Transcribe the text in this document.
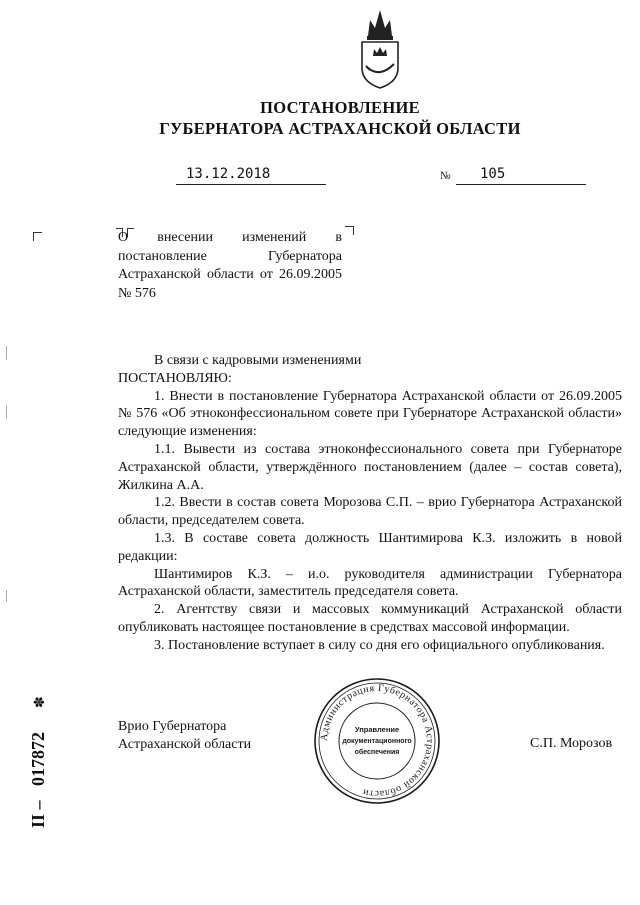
ПОСТАНОВЛЕНИЕ
ГУБЕРНАТОРА АСТРАХАНСКОЙ ОБЛАСТИ
13.12.2018	№ 105
О внесении изменений в постановление Губернатора Астраханской области от 26.09.2005 № 576

В связи с кадровыми изменениями

ПОСТАНОВЛЯЮ:

1. Внести в постановление Губернатора Астраханской области от 26.09.2005 № 576 «Об этноконфессиональном совете при Губернаторе Астраханской области» следующие изменения:

1.1. Вывести из состава этноконфессионального совета при Губернаторе Астраханской области, утверждённого постановлением (далее – состав совета), Жилкина А.А.

1.2. Ввести в состав совета Морозова С.П. – врио Губернатора Астраханской области, председателем совета.

1.3. В составе совета должность Шантимирова К.З. изложить в новой редакции:

Шантимиров К.З. – и.о. руководителя администрации Губернатора Астраханской области, заместитель председателя совета.

2. Агентству связи и массовых коммуникаций Астраханской области опубликовать настоящее постановление в средствах массовой информации.

3. Постановление вступает в силу со дня его официального опубликования.

Врио Губернатора
Астраханской области	С.П. Морозов
Администрация Губернатора Астраханской области
Управление
документационного
обеспечения
II –
017872
✽
